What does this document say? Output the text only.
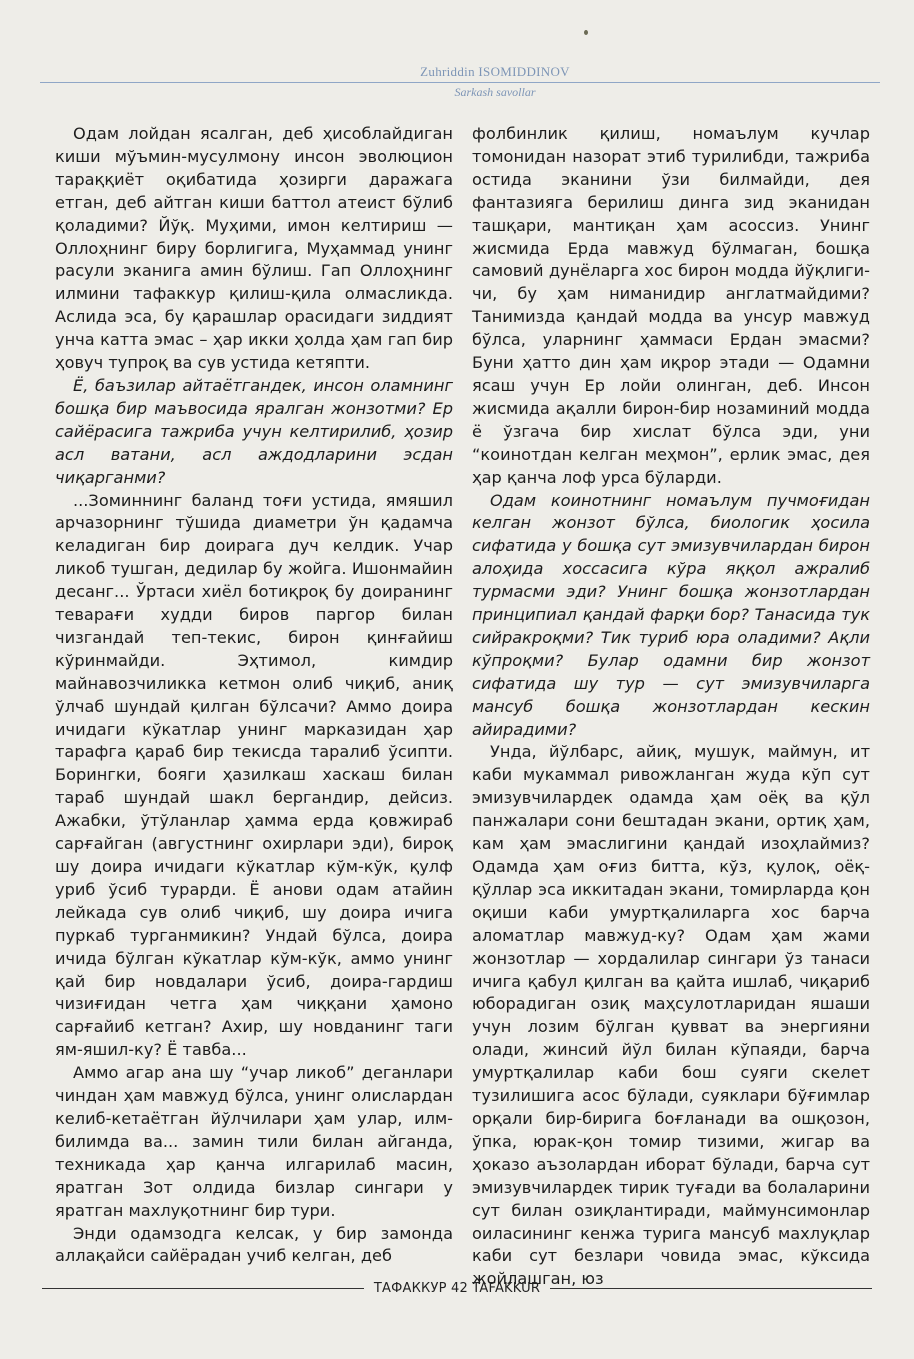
Zuhriddin ISOMIDDINOV
Sarkash savollar

Одам лойдан ясалган, деб ҳисоблайдиган киши мўъмин-мусулмону инсон эволюцион тараққиёт оқибатида ҳозирги даражага етган, деб айтган киши баттол атеист бўлиб қоладими? Йўқ. Муҳими, имон келтириш — Оллоҳнинг биру борлигига, Муҳаммад унинг расули эканига амин бўлиш. Гап Оллоҳнинг илмини тафаккур қилиш-қила олмасликда. Аслида эса, бу қарашлар орасидаги зиддият унча катта эмас – ҳар икки ҳолда ҳам гап бир ҳовуч тупроқ ва сув устида кетяпти.

Ё, баъзилар айтаётгандек, инсон оламнинг бошқа бир маъвосида яралган жонзотми? Ер сайёрасига тажриба учун келтирилиб, ҳозир асл ватани, асл аждодларини эсдан чиқарганми?

...Зоминнинг баланд тоғи устида, ямяшил арчазорнинг тўшида диаметри ўн қадамча келадиган бир доирага дуч келдик. Учар ликоб тушган, дедилар бу жойга. Ишонмайин десанг... Ўртаси хиёл ботиқроқ бу доиранинг теварағи худди биров паргор билан чизгандай теп-текис, бирон қинғайиш кўринмайди. Эҳтимол, кимдир майнавозчиликка кетмон олиб чиқиб, аниқ ўлчаб шундай қилган бўлсачи? Аммо доира ичидаги кўкатлар унинг марказидан ҳар тарафга қараб бир текисда таралиб ўсипти. Борингки, бояги ҳазилкаш хаскаш билан тараб шундай шакл бергандир, дейсиз. Ажабки, ўтўланлар ҳамма ерда қовжираб сарғайган (августнинг охирлари эди), бироқ шу доира ичидаги кўкатлар кўм-кўк, қулф уриб ўсиб турарди. Ё анови одам атайин лейкада сув олиб чиқиб, шу доира ичига пуркаб турганмикин? Ундай бўлса, доира ичида бўлган кўкатлар кўм-кўк, аммо унинг қай бир новдалари ўсиб, доира-гардиш чизиғидан четга ҳам чиққани ҳамоно сарғайиб кетган? Ахир, шу новданинг таги ям-яшил-ку? Ё тавба...

Аммо агар ана шу “учар ликоб” деганлари чиндан ҳам мавжуд бўлса, унинг олислардан келиб-кетаётган йўлчилари ҳам улар, илм-билимда ва... замин тили билан айганда, техникада ҳар қанча илгарилаб масин, яратган Зот олдида бизлар сингари у яратган махлуқотнинг бир тури.

Энди одамзодга келсак, у бир замонда аллақайси сайёрадан учиб келган, деб

фолбинлик қилиш, номаълум кучлар томонидан назорат этиб турилибди, тажриба остида эканини ўзи билмайди, дея фантазияга берилиш динга зид эканидан ташқари, мантиқан ҳам асоссиз. Унинг жисмида Ерда мавжуд бўлмаган, бошқа самовий дунёларга хос бирон модда йўқлиги-чи, бу ҳам ниманидир англатмайдими? Танимизда қандай модда ва унсур мавжуд бўлса, уларнинг ҳаммаси Ердан эмасми? Буни ҳатто дин ҳам иқрор этади — Одамни ясаш учун Ер лойи олинган, деб. Инсон жисмида ақалли бирон-бир нозаминий модда ё ўзгача бир хислат бўлса эди, уни “коинотдан келган меҳмон”, ерлик эмас, дея ҳар қанча лоф урса бўларди.

Одам коинотнинг номаълум пучмоғидан келган жонзот бўлса, биологик ҳосила сифатида у бошқа сут эмизувчилардан бирон алоҳида хоссасига кўра яққол ажралиб турмасми эди? Унинг бошқа жонзотлардан принципиал қандай фарқи бор? Танасида тук сийракроқми? Тик туриб юра оладими? Ақли кўпроқми? Булар одамни бир жонзот сифатида шу тур — сут эмизувчиларга мансуб бошқа жонзотлардан кескин айирадими?

Унда, йўлбарс, айиқ, мушук, маймун, ит каби мукаммал ривожланган жуда кўп сут эмизувчилардек одамда ҳам оёқ ва қўл панжалари сони бештадан экани, ортиқ ҳам, кам ҳам эмаслигини қандай изоҳлаймиз? Одамда ҳам оғиз битта, кўз, қулоқ, оёқ-қўллар эса иккитадан экани, томирларда қон оқиши каби умуртқалиларга хос барча аломатлар мавжуд-ку? Одам ҳам жами жонзотлар — хордалилар сингари ўз танаси ичига қабул қилган ва қайта ишлаб, чиқариб юборадиган озиқ маҳсулотларидан яшаши учун лозим бўлган қувват ва энергияни олади, жинсий йўл билан кўпаяди, барча умуртқалилар каби бош суяги скелет тузилишига асос бўлади, суяклари бўғимлар орқали бир-бирига боғланади ва ошқозон, ўпка, юрак-қон томир тизими, жигар ва ҳоказо аъзолардан иборат бўлади, барча сут эмизувчилардек тирик туғади ва болаларини сут билан озиқлантиради, маймунсимонлар оиласининг кенжа турига мансуб махлуқлар каби сут безлари човида эмас, кўксида жойлашган, юз

ТАФАККУР 42 TAFAKKUR
